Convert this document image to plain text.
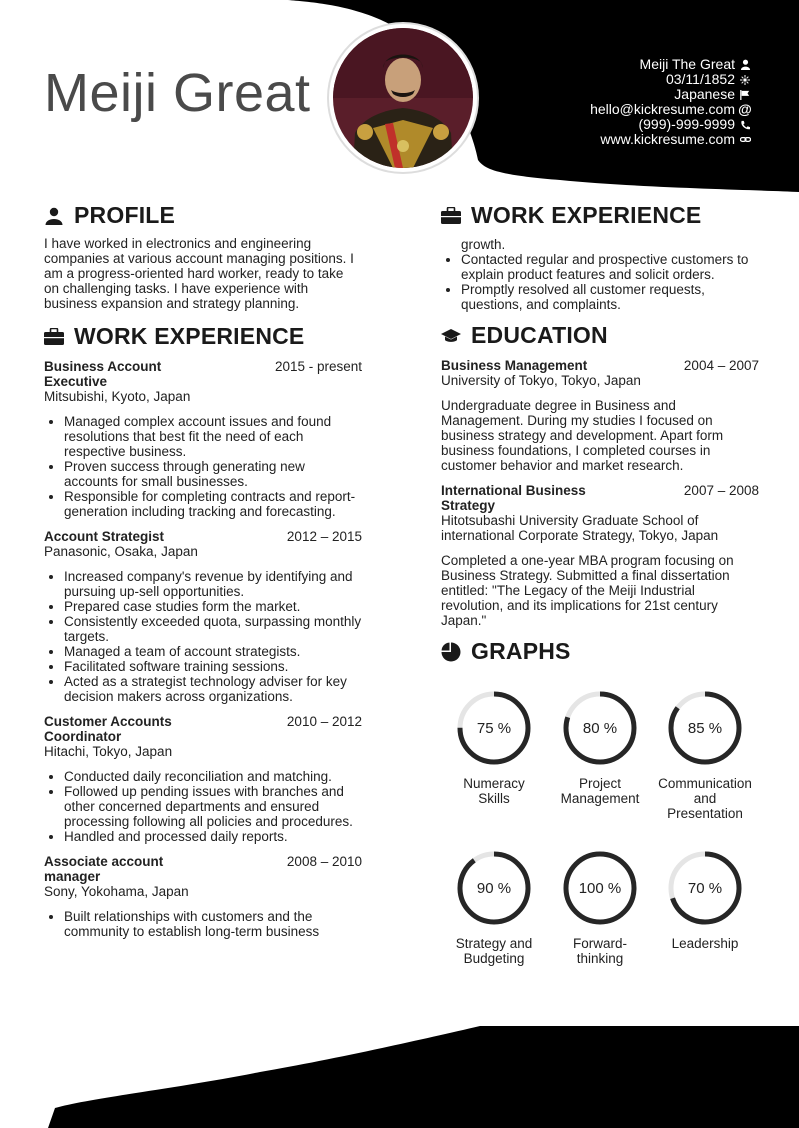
Meiji Great	Meiji The Great
03/11/1852
Japanese
hello@kickresume.com @
(999)-999-9999
www.kickresume.com
PROFILE

I have worked in electronics and engineering companies at various account managing positions. I am a progress-oriented hard worker, ready to take on challenging tasks. I have experience with business expansion and strategy planning.

WORK EXPERIENCE
Business Account Executive
2015 - present
Mitsubishi, Kyoto, Japan
• Managed complex account issues and found resolutions that best fit the need of each respective business.
• Proven success through generating new accounts for small businesses.
• Responsible for completing contracts and report-generation including tracking and forecasting.
Account Strategist	2012 – 2015
Panasonic, Osaka, Japan
• Increased company's revenue by identifying and pursuing up-sell opportunities.
• Prepared case studies form the market.
• Consistently exceeded quota, surpassing monthly targets.
• Managed a team of account strategists.
• Facilitated software training sessions.
• Acted as a strategist technology adviser for key decision makers across organizations.
Customer Accounts Coordinator
2010 – 2012
Hitachi, Tokyo, Japan
• Conducted daily reconciliation and matching.
• Followed up pending issues with branches and other concerned departments and ensured processing following all policies and procedures.
• Handled and processed daily reports.
Associate account manager
2008 – 2010
Sony, Yokohama, Japan
• Built relationships with customers and the community to establish long-term business
WORK EXPERIENCE
growth.
• Contacted regular and prospective customers to explain product features and solicit orders.
• Promptly resolved all customer requests, questions, and complaints.
EDUCATION
Business Management	2004 – 2007
University of Tokyo, Tokyo, Japan
Undergraduate degree in Business and Management. During my studies I focused on business strategy and development. Apart form business foundations, I completed courses in customer behavior and market research.
International Business Strategy
2007 – 2008
Hitotsubashi University Graduate School of international Corporate Strategy, Tokyo, Japan
Completed a one-year MBA program focusing on Business Strategy. Submitted a final dissertation entitled: "The Legacy of the Meiji Industrial revolution, and its implications for 21st century Japan."
GRAPHS
75 %
Numeracy Skills
80 %
Project Management
85 %
Communication and Presentation
90 %
Strategy and Budgeting
100 %
Forward-thinking
70 %
Leadership
